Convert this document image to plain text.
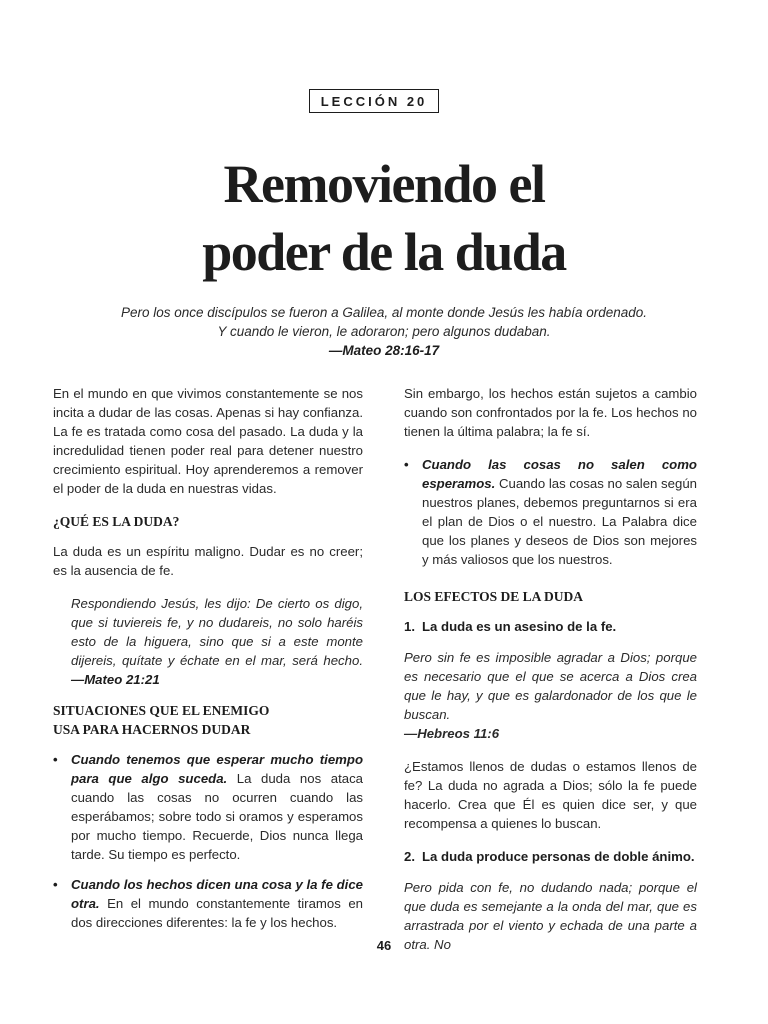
LECCIÓN 20
Removiendo el
poder de la duda
Pero los once discípulos se fueron a Galilea, al monte donde Jesús les había ordenado.
Y cuando le vieron, le adoraron; pero algunos dudaban.
—Mateo 28:16-17

En el mundo en que vivimos constantemente se nos incita a dudar de las cosas. Apenas si hay confianza. La fe es tratada como cosa del pasado. La duda y la incredulidad tienen poder real para detener nuestro crecimiento espiritual. Hoy aprenderemos a remover el poder de la duda en nuestras vidas.

¿QUÉ ES LA DUDA?

La duda es un espíritu maligno. Dudar es no creer; es la ausencia de fe.

Respondiendo Jesús, les dijo: De cierto os digo, que si tuviereis fe, y no dudareis, no solo haréis esto de la higuera, sino que si a este monte dijereis, quítate y échate en el mar, será hecho. —Mateo 21:21

SITUACIONES QUE EL ENEMIGO
USA PARA HACERNOS DUDAR

• Cuando tenemos que esperar mucho tiempo para que algo suceda. La duda nos ataca cuando las cosas no ocurren cuando las esperábamos; sobre todo si oramos y esperamos por mucho tiempo. Recuerde, Dios nunca llega tarde. Su tiempo es perfecto.

• Cuando los hechos dicen una cosa y la fe dice otra. En el mundo constantemente tiramos en dos direcciones diferentes: la fe y los hechos.

Sin embargo, los hechos están sujetos a cambio cuando son confrontados por la fe. Los hechos no tienen la última palabra; la fe sí.

• Cuando las cosas no salen como esperamos. Cuando las cosas no salen según nuestros planes, debemos preguntarnos si era el plan de Dios o el nuestro. La Palabra dice que los planes y deseos de Dios son mejores y más valiosos que los nuestros.

LOS EFECTOS DE LA DUDA
1. La duda es un asesino de la fe.

Pero sin fe es imposible agradar a Dios; porque es necesario que el que se acerca a Dios crea que le hay, y que es galardonador de los que le buscan.
—Hebreos 11:6

¿Estamos llenos de dudas o estamos llenos de fe? La duda no agrada a Dios; sólo la fe puede hacerlo. Crea que Él es quien dice ser, y que recompensa a quienes lo buscan.

2. La duda produce personas de doble ánimo.

Pero pida con fe, no dudando nada; porque el que duda es semejante a la onda del mar, que es arrastrada por el viento y echada de una parte a otra. No

46
